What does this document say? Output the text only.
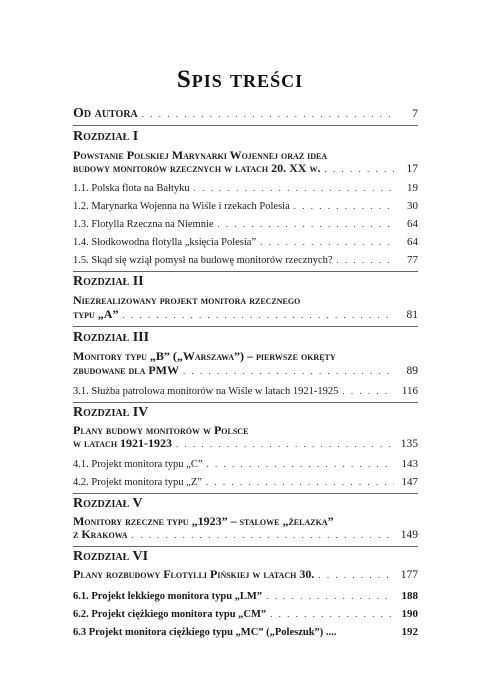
Spis treści
Od autora . . .	7
Rozdział I
Powstanie Polskiej Marynarki Wojennej oraz idea
budowy monitorów rzecznych w latach 20. XX w. . . .	17
1.1. Polska flota na Bałtyku . . .	19
1.2. Marynarka Wojenna na Wiśle i rzekach Polesia . . .	30
1.3. Flotylla Rzeczna na Niemnie . . .	64
1.4. Słodkowodna flotylla „księcia Polesia” . . .	64
1.5. Skąd się wziął pomysł na budowę monitorów rzecznych? . . .	77
Rozdział II
Niezrealizowany projekt monitora rzecznego
typu „A” . . .	81
Rozdział III
Monitory typu „B” („Warszawa”) – pierwsze okręty
zbudowane dla PMW . . .	89
3.1. Służba patrolowa monitorów na Wiśle w latach 1921-1925 . . .	116
Rozdział IV
Plany budowy monitorów w Polsce
w latach 1921-1923 . . .	135
4.1. Projekt monitora typu „C” . . .	143
4.2. Projekt monitora typu „Z” . . .	147
Rozdział V
Monitory rzeczne typu „1923” – stalowe „żelazka”
z Krakowa . . .	149
Rozdział VI
Plany rozbudowy Flotylli Pińskiej w latach 30. . . .	177
6.1. Projekt lekkiego monitora typu „LM” . . .	188
6.2. Projekt ciężkiego monitora typu „CM” . . .	190
6.3 Projekt monitora ciężkiego typu „MC” („Poleszuk”) ....	192
